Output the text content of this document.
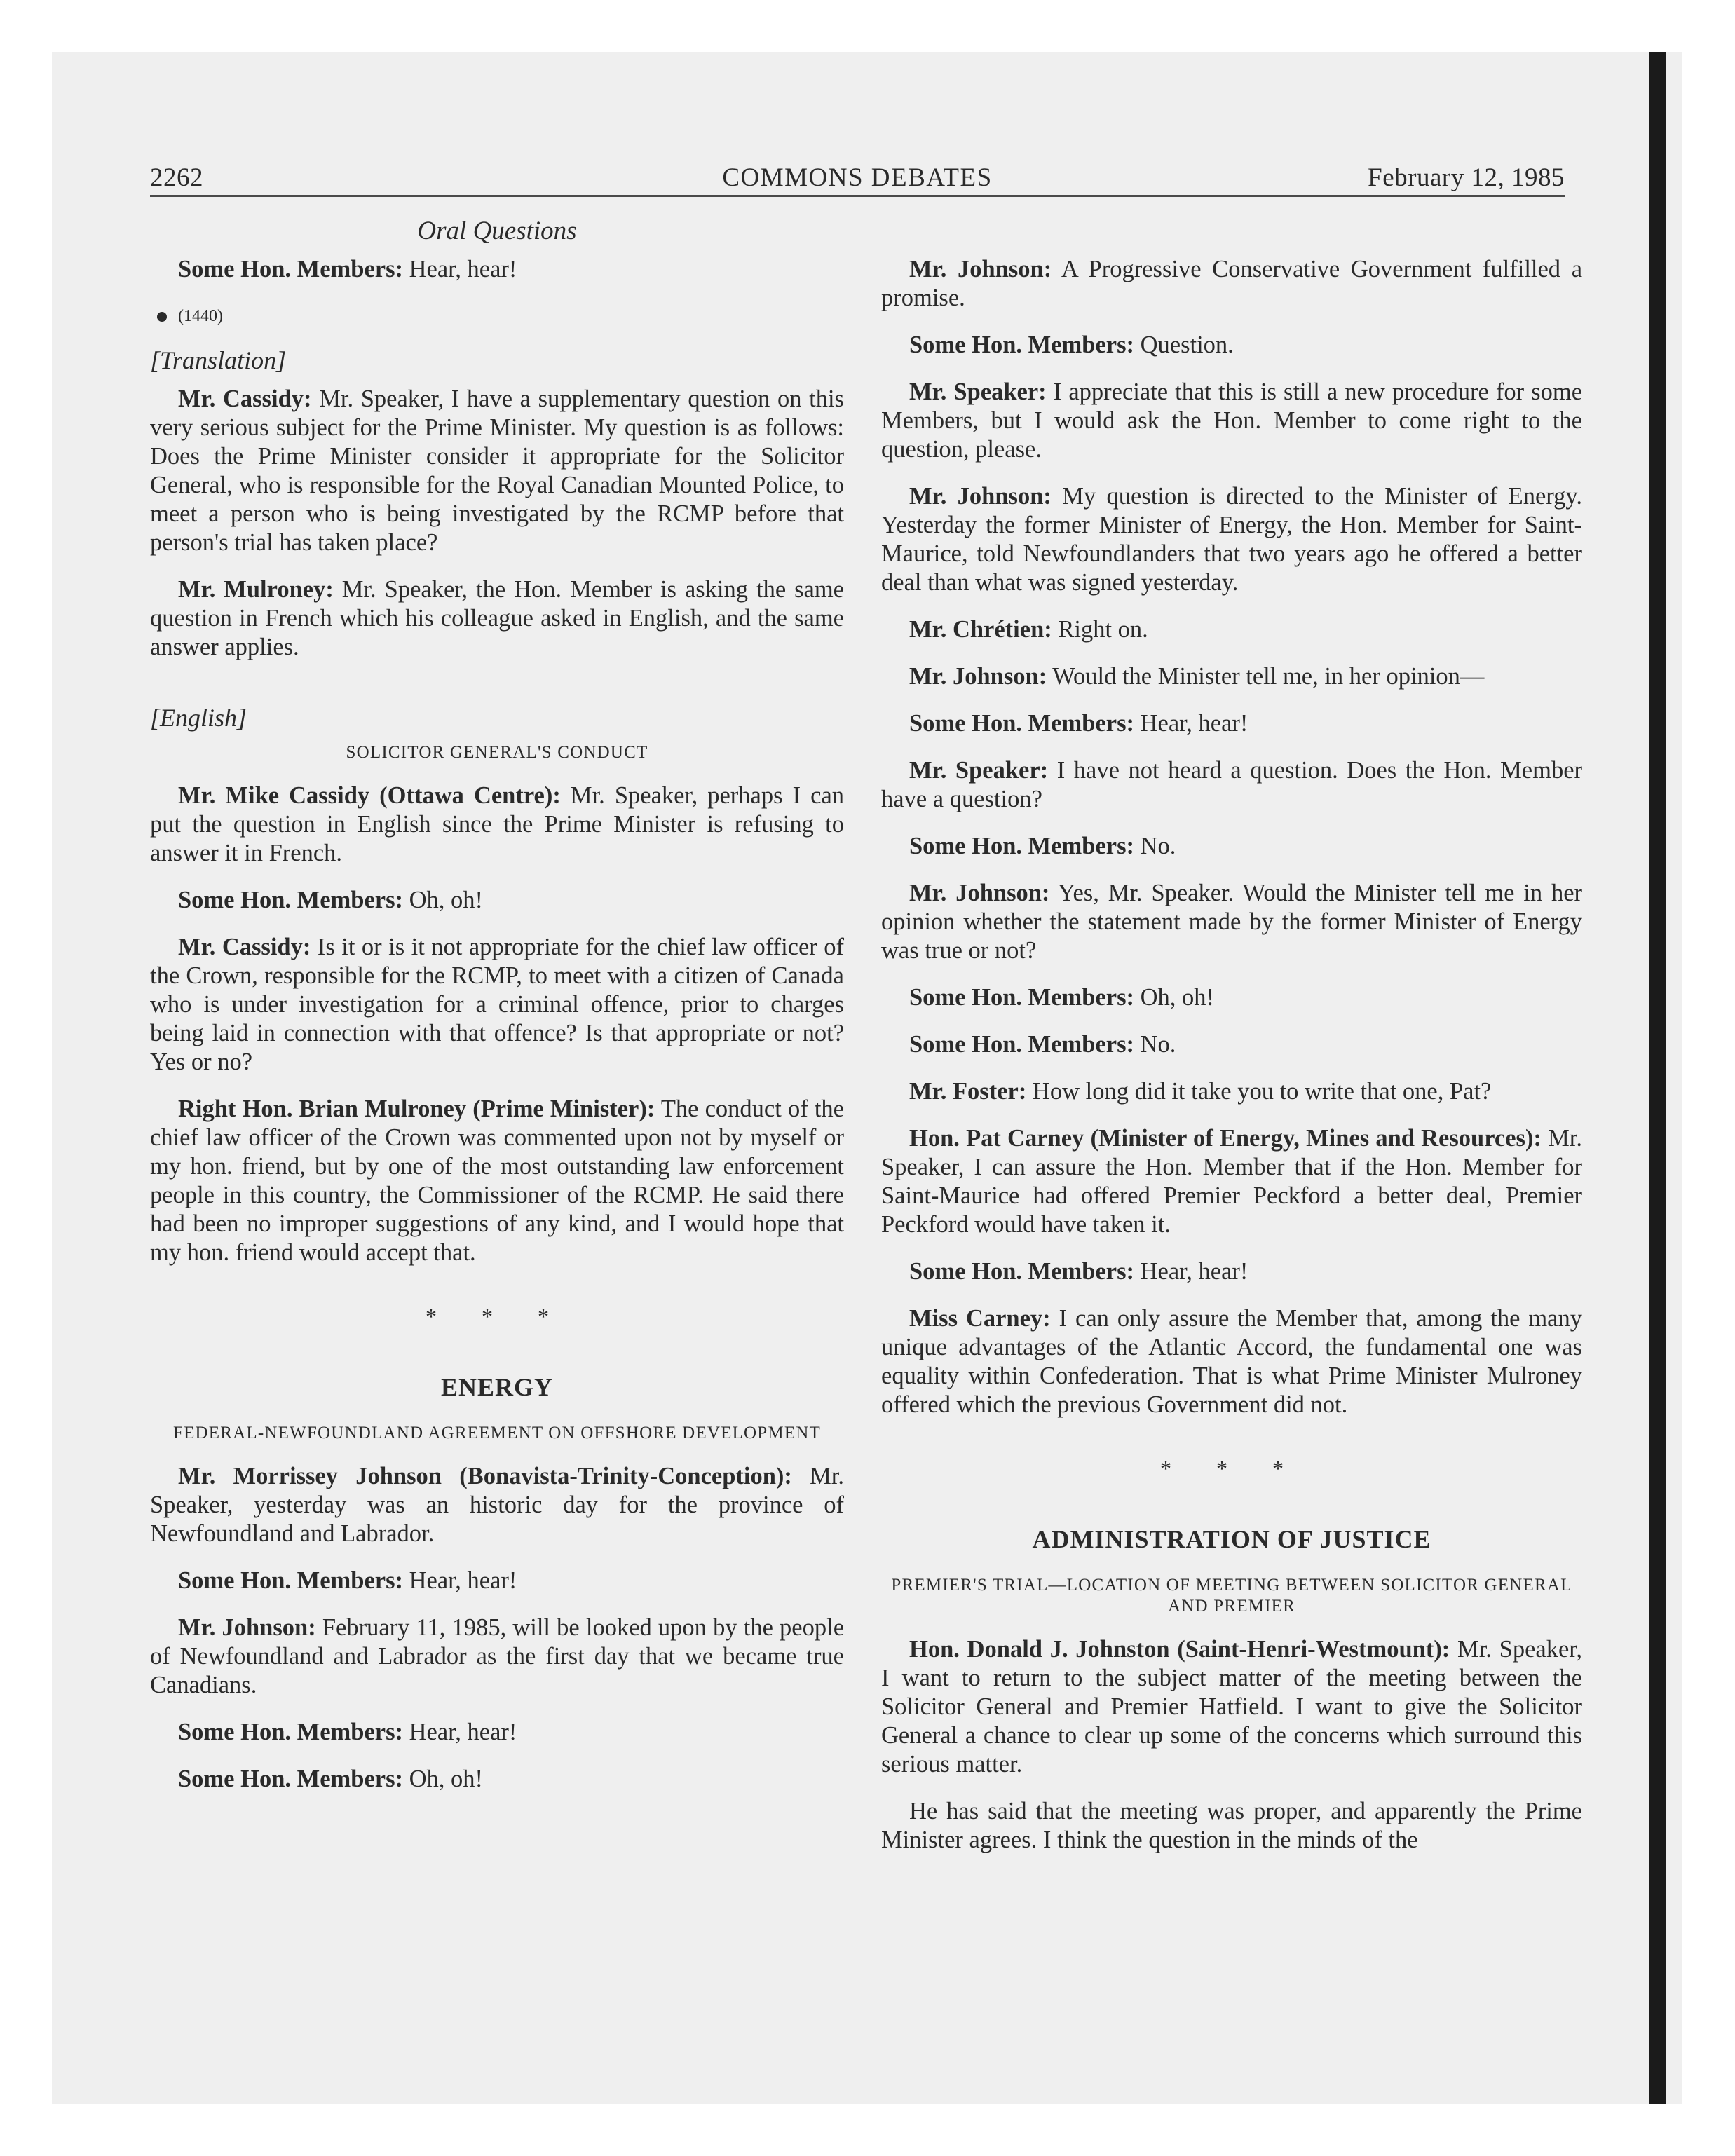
2262	COMMONS DEBATES	February 12, 1985
Oral Questions

Some Hon. Members: Hear, hear!

(1440)
[Translation]

Mr. Cassidy: Mr. Speaker, I have a supplementary question on this very serious subject for the Prime Minister. My question is as follows: Does the Prime Minister consider it appropriate for the Solicitor General, who is responsible for the Royal Canadian Mounted Police, to meet a person who is being investigated by the RCMP before that person's trial has taken place?

Mr. Mulroney: Mr. Speaker, the Hon. Member is asking the same question in French which his colleague asked in English, and the same answer applies.

[English]
SOLICITOR GENERAL'S CONDUCT

Mr. Mike Cassidy (Ottawa Centre): Mr. Speaker, perhaps I can put the question in English since the Prime Minister is refusing to answer it in French.

Some Hon. Members: Oh, oh!

Mr. Cassidy: Is it or is it not appropriate for the chief law officer of the Crown, responsible for the RCMP, to meet with a citizen of Canada who is under investigation for a criminal offence, prior to charges being laid in connection with that offence? Is that appropriate or not? Yes or no?

Right Hon. Brian Mulroney (Prime Minister): The conduct of the chief law officer of the Crown was commented upon not by myself or my hon. friend, but by one of the most outstanding law enforcement people in this country, the Commissioner of the RCMP. He said there had been no improper suggestions of any kind, and I would hope that my hon. friend would accept that.

* * *
ENERGY
FEDERAL-NEWFOUNDLAND AGREEMENT ON OFFSHORE DEVELOPMENT

Mr. Morrissey Johnson (Bonavista-Trinity-Conception): Mr. Speaker, yesterday was an historic day for the province of Newfoundland and Labrador.

Some Hon. Members: Hear, hear!

Mr. Johnson: February 11, 1985, will be looked upon by the people of Newfoundland and Labrador as the first day that we became true Canadians.

Some Hon. Members: Hear, hear!

Some Hon. Members: Oh, oh!

Mr. Johnson: A Progressive Conservative Government fulfilled a promise.

Some Hon. Members: Question.

Mr. Speaker: I appreciate that this is still a new procedure for some Members, but I would ask the Hon. Member to come right to the question, please.

Mr. Johnson: My question is directed to the Minister of Energy. Yesterday the former Minister of Energy, the Hon. Member for Saint-Maurice, told Newfoundlanders that two years ago he offered a better deal than what was signed yesterday.

Mr. Chrétien: Right on.

Mr. Johnson: Would the Minister tell me, in her opinion—

Some Hon. Members: Hear, hear!

Mr. Speaker: I have not heard a question. Does the Hon. Member have a question?

Some Hon. Members: No.

Mr. Johnson: Yes, Mr. Speaker. Would the Minister tell me in her opinion whether the statement made by the former Minister of Energy was true or not?

Some Hon. Members: Oh, oh!

Some Hon. Members: No.

Mr. Foster: How long did it take you to write that one, Pat?

Hon. Pat Carney (Minister of Energy, Mines and Resources): Mr. Speaker, I can assure the Hon. Member that if the Hon. Member for Saint-Maurice had offered Premier Peckford a better deal, Premier Peckford would have taken it.

Some Hon. Members: Hear, hear!

Miss Carney: I can only assure the Member that, among the many unique advantages of the Atlantic Accord, the fundamental one was equality within Confederation. That is what Prime Minister Mulroney offered which the previous Government did not.

* * *
ADMINISTRATION OF JUSTICE
PREMIER'S TRIAL—LOCATION OF MEETING BETWEEN SOLICITOR GENERAL AND PREMIER

Hon. Donald J. Johnston (Saint-Henri-Westmount): Mr. Speaker, I want to return to the subject matter of the meeting between the Solicitor General and Premier Hatfield. I want to give the Solicitor General a chance to clear up some of the concerns which surround this serious matter.

He has said that the meeting was proper, and apparently the Prime Minister agrees. I think the question in the minds of the
